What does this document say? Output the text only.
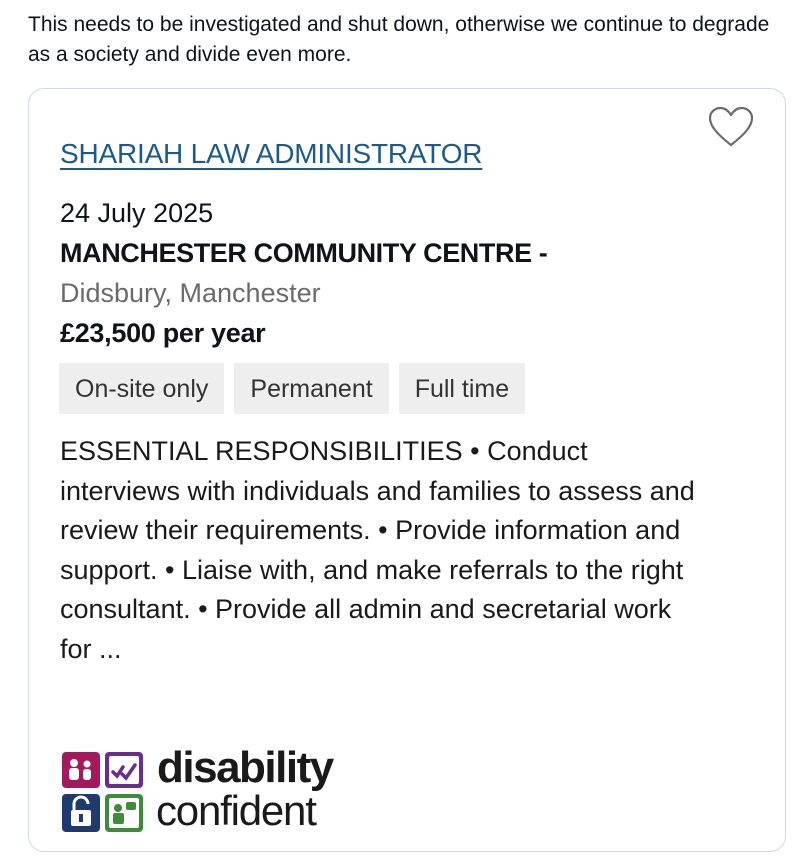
This needs to be investigated and shut down, otherwise we continue to degrade as a society and divide even more.
SHARIAH LAW ADMINISTRATOR
24 July 2025
MANCHESTER COMMUNITY CENTRE -
Didsbury, Manchester
£23,500 per year
On-site only	Permanent	Full time
ESSENTIAL RESPONSIBILITIES • Conduct interviews with individuals and families to assess and review their requirements. • Provide information and support. • Liaise with, and make referrals to the right consultant. • Provide all admin and secretarial work for ...
disability
confident
